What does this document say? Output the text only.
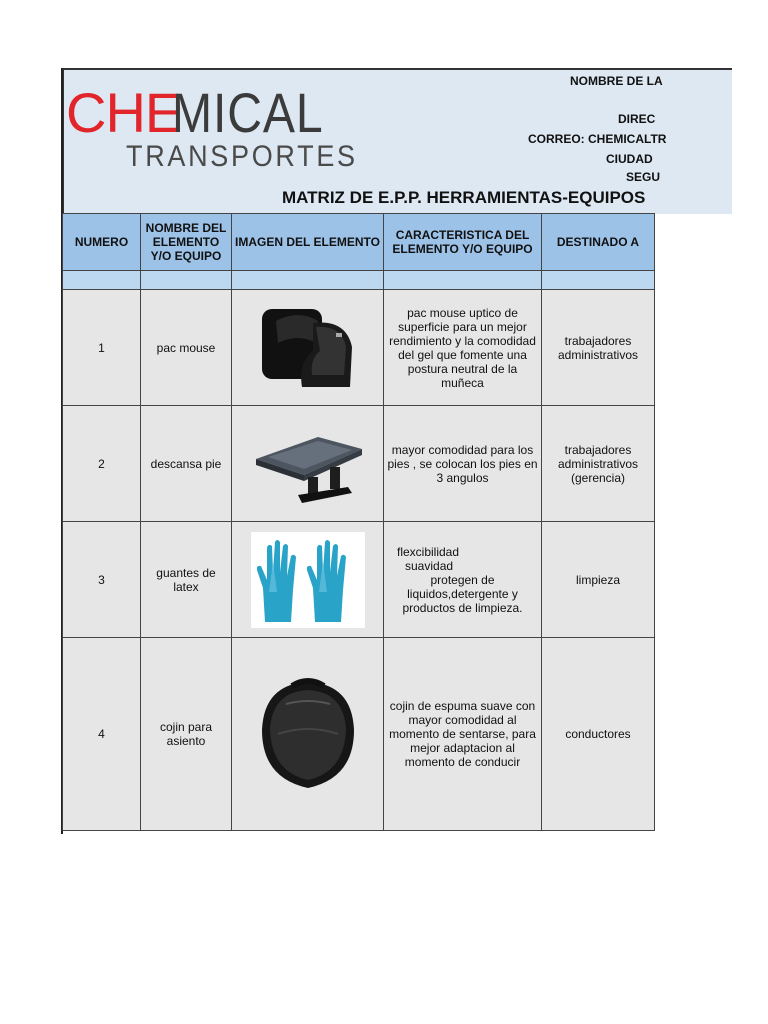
CHE
MICAL
TRANSPORTES
NOMBRE DE LA
DIREC
CORREO: CHEMICALTR
CIUDAD
SEGU
MATRIZ DE E.P.P. HERRAMIENTAS-EQUIPOS
NUMERO	NOMBRE DEL ELEMENTO Y/O EQUIPO	IMAGEN DEL ELEMENTO	CARACTERISTICA DEL ELEMENTO Y/O EQUIPO	DESTINADO A

1	pac mouse		pac mouse uptico de superficie para un mejor rendimiento y la comodidad del gel que fomente una postura neutral de la muñeca	trabajadores administrativos
2	descansa pie		mayor comodidad para los pies , se colocan los pies en 3 angulos	trabajadores administrativos (gerencia)
3	guantes de latex		flexcibilidad
suavidad
protegen de liquidos,detergente y productos de limpieza.	limpieza
4	cojin para asiento		cojin de espuma suave con mayor comodidad al momento de sentarse, para mejor adaptacion al momento de conducir	conductores
